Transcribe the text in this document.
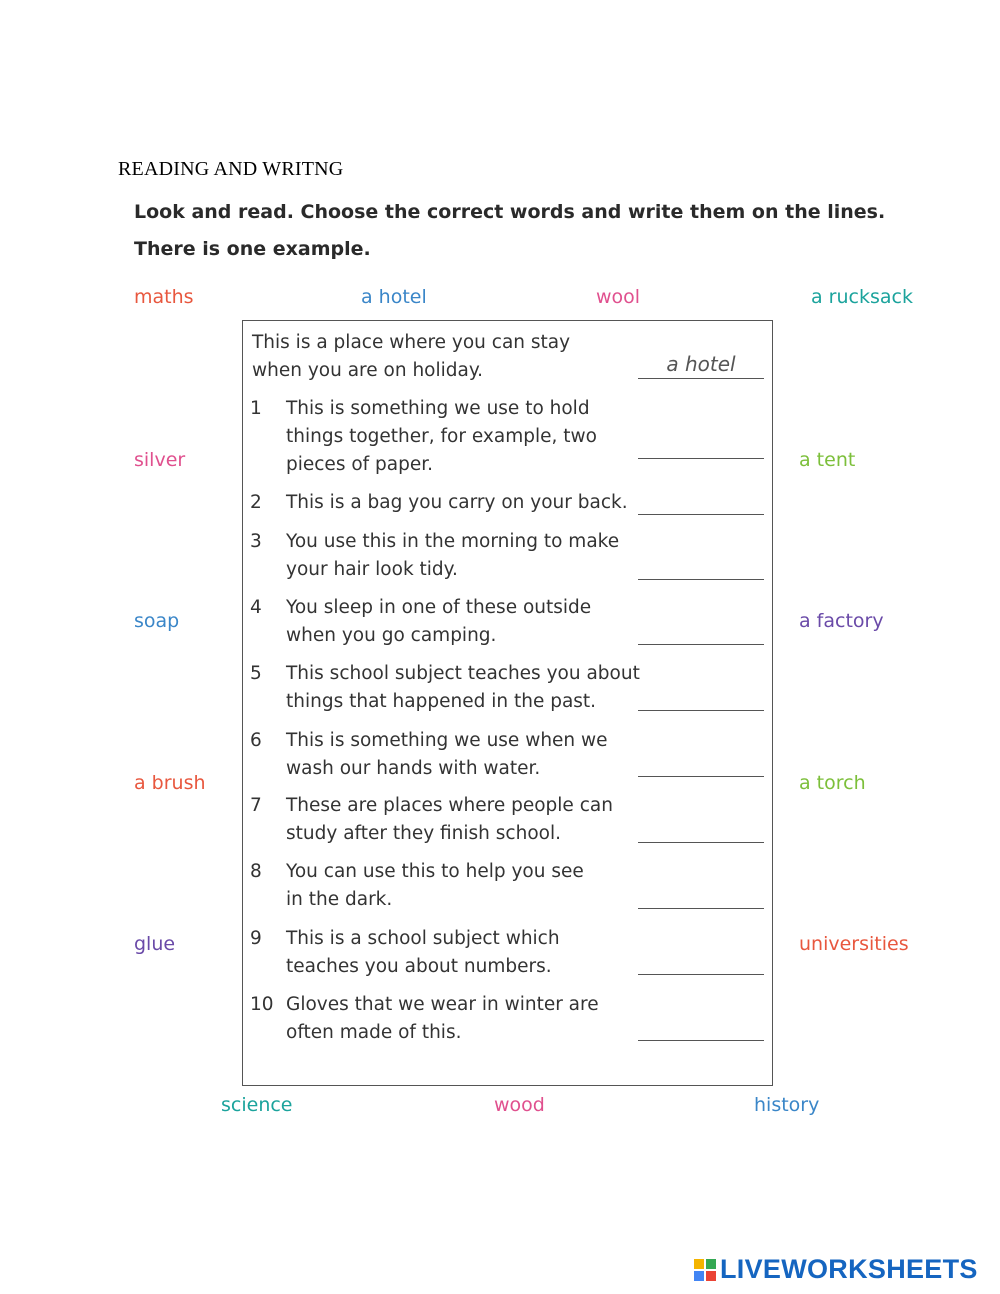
READING AND WRITNG
Look and read. Choose the correct words and write them on the lines.
There is one example.
maths	a hotel	wool	a rucksack
silver	a tent
soap	a factory
a brush	a torch
glue	universities
science	wood	history
This is a place where you can stay
when you are on holiday.	a hotel
1 This is something we use to hold
things together, for example, two
pieces of paper.
2 This is a bag you carry on your back.
3 You use this in the morning to make
your hair look tidy.
4 You sleep in one of these outside
when you go camping.
5 This school subject teaches you about
things that happened in the past.
6 This is something we use when we
wash our hands with water.
7 These are places where people can
study after they finish school.
8 You can use this to help you see
in the dark.
9 This is a school subject which
teaches you about numbers.
10 Gloves that we wear in winter are
often made of this.
LIVEWORKSHEETS
